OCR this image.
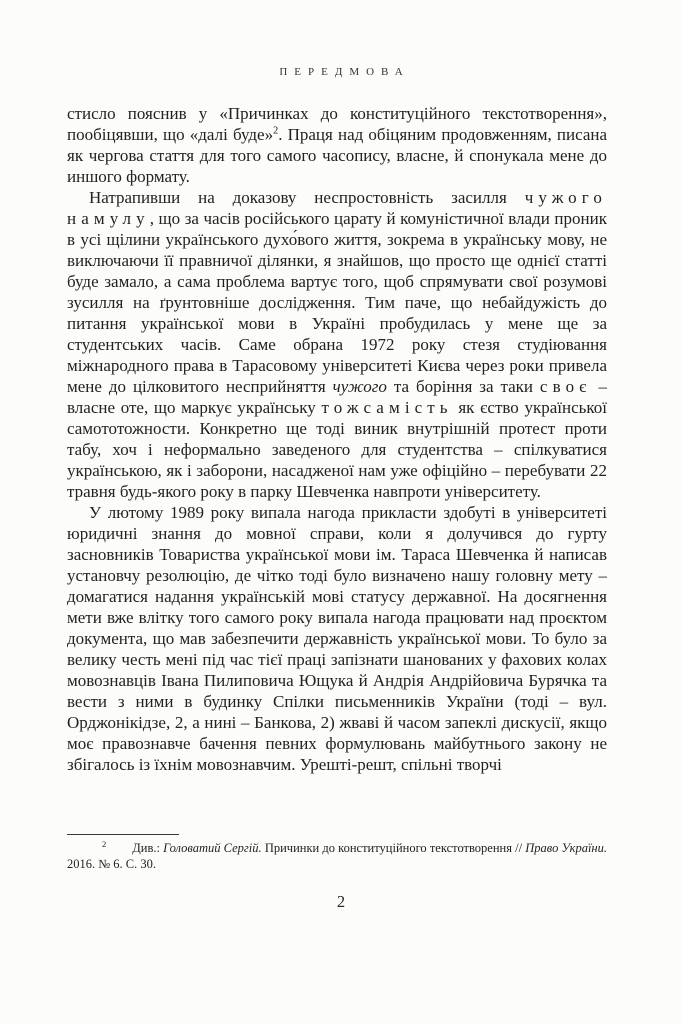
ПЕРЕДМОВА

стисло пояснив у «Причинках до конституційного текстотворення», пообіцявши, що «далі буде»$^2$. Праця над обіцяним продовженням, писана як чергова стаття для того самого часопису, власне, й спонукала мене до иншого формату.

Натрапивши на доказову неспростовність засилля чужого намулу, що за часів російського царату й комуністичної влади проник в усі щілини українського духо́вого життя, зокрема в українську мову, не виключаючи її правничої ділянки, я знайшов, що просто ще однієї статті буде замало, а сама проблема вартує того, щоб спрямувати свої розумові зусилля на ґрунтовніше дослідження. Тим паче, що небайдужість до питання української мови в Україні пробудилась у мене ще за студентських часів. Саме обрана 1972 року стезя студіювання міжнародного права в Тарасовому університеті Києва через роки привела мене до цілковитого несприйняття чужого та боріння за таки своє – власне оте, що маркує українську тожсамість як єство української самототожности. Конкретно ще тоді виник внутрішній протест проти табу, хоч і неформально заведеного для студентства – спілкуватися українською, як і заборони, насадженої нам уже офіційно – перебувати 22 травня будь-якого року в парку Шевченка навпроти університету.

У лютому 1989 року випала нагода прикласти здобуті в університеті юридичні знання до мовної справи, коли я долучився до гурту засновників Товариства української мови ім. Тараса Шевченка й написав установчу резолюцію, де чітко тоді було визначено нашу головну мету – домагатися надання українській мові статусу державної. На досягнення мети вже влітку того самого року випала нагода працювати над проєктом документа, що мав забезпечити державність української мови. То було за велику честь мені під час тієї праці запізнати шанованих у фахових колах мовознавців Івана Пилиповича Ющука й Андрія Андрійовича Бурячка та вести з ними в будинку Спілки письменників України (тоді – вул. Орджонікідзе, 2, а нині – Банкова, 2) жваві й часом запеклі дискусії, якщо моє правознавче бачення певних формулювань майбутнього закону не збігалось із їхнім мовознавчим. Урешті-решт, спільні творчі

$^2$ Див.: Головатий Сергій. Причинки до конституційного текстотворення // Право України. 2016. № 6. С. 30.

2
